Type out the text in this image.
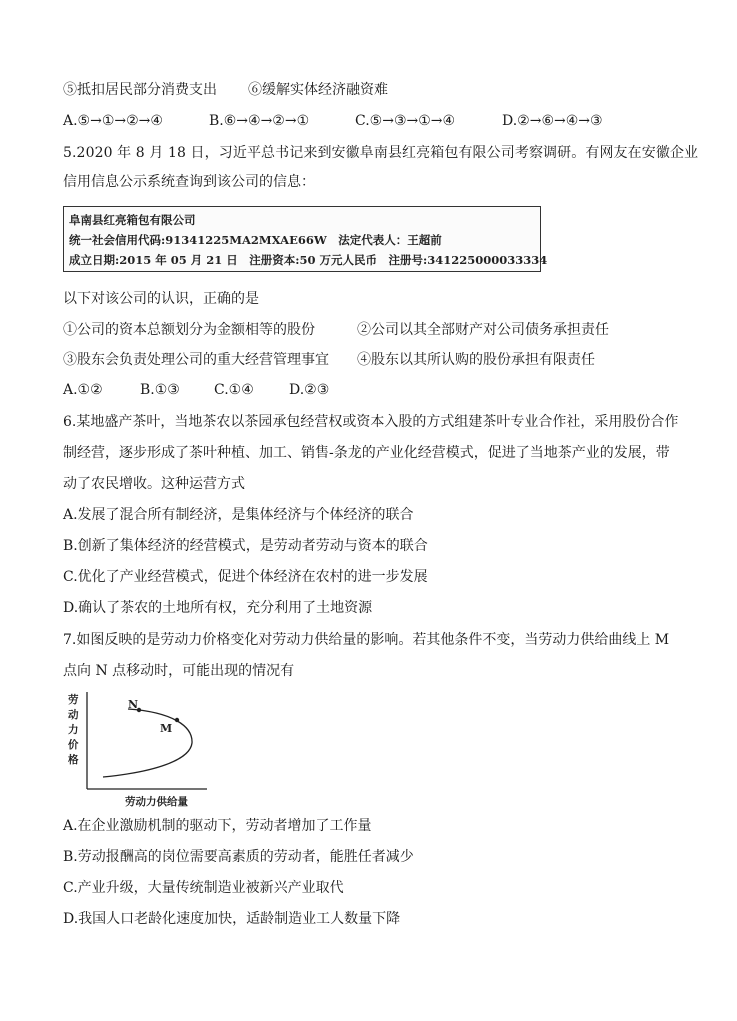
⑤抵扣居民部分消费支出 ⑥缓解实体经济融资难
A.⑤→①→②→④	B.⑥→④→②→①	C.⑤→③→①→④	D.②→⑥→④→③
5.2020 年 8 月 18 日，习近平总书记来到安徽阜南县红亮箱包有限公司考察调研。有网友在安徽企业
信用信息公示系统查询到该公司的信息：
阜南县红亮箱包有限公司
统一社会信用代码:91341225MA2MXAE66W　法定代表人：王超前
成立日期:2015 年 05 月 21 日　注册资本:50 万元人民币　注册号:341225000033334
以下对该公司的认识，正确的是
①公司的资本总额划分为金额相等的股份	②公司以其全部财产对公司债务承担责任
③股东会负责处理公司的重大经营管理事宜 ④股东以其所认购的股份承担有限责任
A.①②	B.①③ C.①④	D.②③
6.某地盛产茶叶，当地茶农以茶园承包经营权或资本入股的方式组建茶叶专业合作社，采用股份合作
制经营，逐步形成了茶叶种植、加工、销售-条龙的产业化经营模式，促进了当地茶产业的发展，带
动了农民增收。这种运营方式
A.发展了混合所有制经济，是集体经济与个体经济的联合
B.创新了集体经济的经营模式，是劳动者劳动与资本的联合
C.优化了产业经营模式，促进个体经济在农村的进一步发展
D.确认了茶农的土地所有权，充分利用了土地资源
7.如图反映的是劳动力价格变化对劳动力供给量的影响。若其他条件不变，当劳动力供给曲线上 M
点向 N 点移动时，可能出现的情况有
劳
动
力
价
格
劳动力供给量
N
M
A.在企业激励机制的驱动下，劳动者增加了工作量
B.劳动报酬高的岗位需要高素质的劳动者，能胜任者减少
C.产业升级，大量传统制造业被新兴产业取代
D.我国人口老龄化速度加快，适龄制造业工人数量下降
